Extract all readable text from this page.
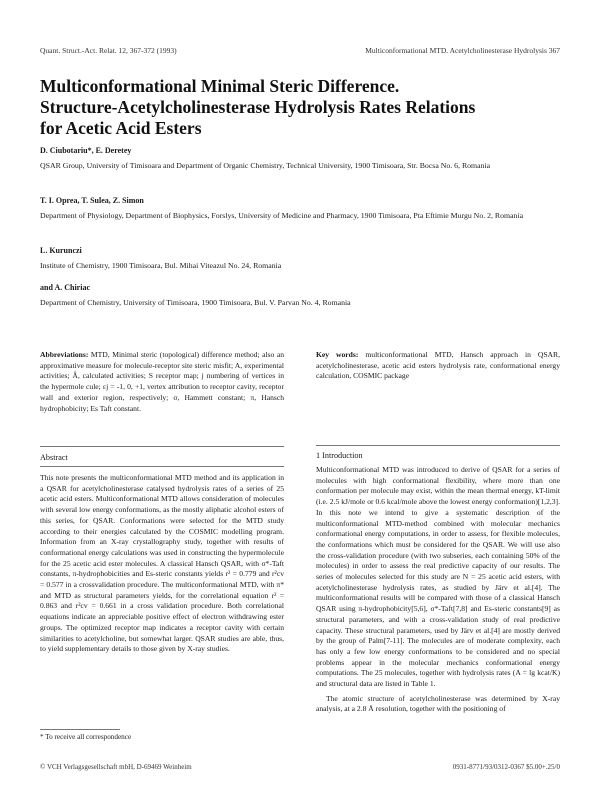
Quant. Struct.-Act. Relat. 12, 367-372 (1993)	Multiconformational MTD. Acetylcholinesterase Hydrolysis 367
Multiconformational Minimal Steric Difference.
Structure-Acetylcholinesterase Hydrolysis Rates Relations
for Acetic Acid Esters
D. Ciubotariu*, E. Deretey
QSAR Group, University of Timisoara and Department of Organic Chemistry, Technical University, 1900 Timisoara, Str. Bocsa No. 6, Romania
T. I. Oprea, T. Sulea, Z. Simon
Department of Physiology, Department of Biophysics, Forslys, University of Medicine and Pharmacy, 1900 Timisoara, Pta Eftimie Murgu No. 2, Romania
L. Kurunczi
Institute of Chemistry, 1900 Timisoara, Bul. Mihai Viteazul No. 24, Romania
and A. Chiriac
Department of Chemistry, University of Timisoara, 1900 Timisoara, Bul. V. Parvan No. 4, Romania

Abbreviations: MTD, Minimal steric (topological) difference method; also an approximative measure for molecule-receptor site steric misfit; A, experimental activities; Â, calculated activities; S receptor map; j numbering of vertices in the hypermole cule; εj = -1, 0, +1, vertex attribution to receptor cavity, receptor wall and exterior region, respectively; σ, Hammett constant; π, Hansch hydrophobicity; Es Taft constant.

Key words: multiconformational MTD, Hansch approach in QSAR, acetylcholinesterase, acetic acid esters hydrolysis rate, conformational energy calculation, COSMIC package

1 Introduction
Abstract

This note presents the multiconformational MTD method and its application in a QSAR for acetylcholinesterase catalysed hydrolysis rates of a series of 25 acetic acid esters. Multiconformational MTD allows consideration of molecules with several low energy conformations, as the mostly aliphatic alcohol esters of this series, for QSAR. Conformations were selected for the MTD study according to their energies calculated by the COSMIC modelling program. Information from an X-ray crystallography study, together with results of conformational energy calculations was used in constructing the hypermolecule for the 25 acetic acid ester molecules. A classical Hansch QSAR, with σ*-Taft constants, π-hydrophobicities and Es-steric constants yields r² = 0.779 and r²cv = 0.577 in a crossvalidation procedure. The multiconformational MTD, with π* and MTD as structural parameters yields, for the correlational equation r² = 0.863 and r²cv = 0.661 in a cross validation procedure. Both correlational equations indicate an appreciable positive effect of electron withdrawing ester groups. The optimized receptor map indicates a receptor cavity with certain similarities to acetylcholine, but somewhat larger. QSAR studies are able, thus, to yield supplementary details to those given by X-ray studies.

Multiconformational MTD was introduced to derive of QSAR for a series of molecules with high conformational flexibility, where more than one conformation per molecule may exist, within the mean thermal energy, kT-limit (i.e. 2.5 kJ/mole or 0.6 kcal/mole above the lowest energy conformation)[1,2,3]. In this note we intend to give a systematic description of the multiconformational MTD-method combined with molecular mechanics conformational energy computations, in order to assess, for flexible molecules, the conformations which must be considered for the QSAR. We will use also the cross-validation procedure (with two subseries, each containing 50% of the molecules) in order to assess the real predictive capacity of our results. The series of molecules selected for this study are N = 25 acetic acid esters, with acetylcholinesterase hydrolysis rates, as studied by Järv et al.[4]. The multiconformational results will be compared with those of a classical Hansch QSAR using π-hydrophobicity[5,6], σ*-Taft[7,8] and Es-steric constants[9] as structural parameters, and with a cross-validation study of real predictive capacity. These structural parameters, used by Järv et al.[4] are mostly derived by the group of Palm[7-11]. The molecules are of moderate complexity, each has only a few low energy conformations to be considered and no special problems appear in the molecular mechanics conformational energy computations. The 25 molecules, together with hydrolysis rates (A = lg kcat/K) and structural data are listed in Table 1.

The atomic structure of acetylcholinesterase was determined by X-ray analysis, at a 2.8 Å resolution, together with the positioning of

* To receive all correspondence
© VCH Verlagsgesellschaft mbH, D-69469 Weinheim	0931-8771/93/0312-0367 $5.00+.25/0
